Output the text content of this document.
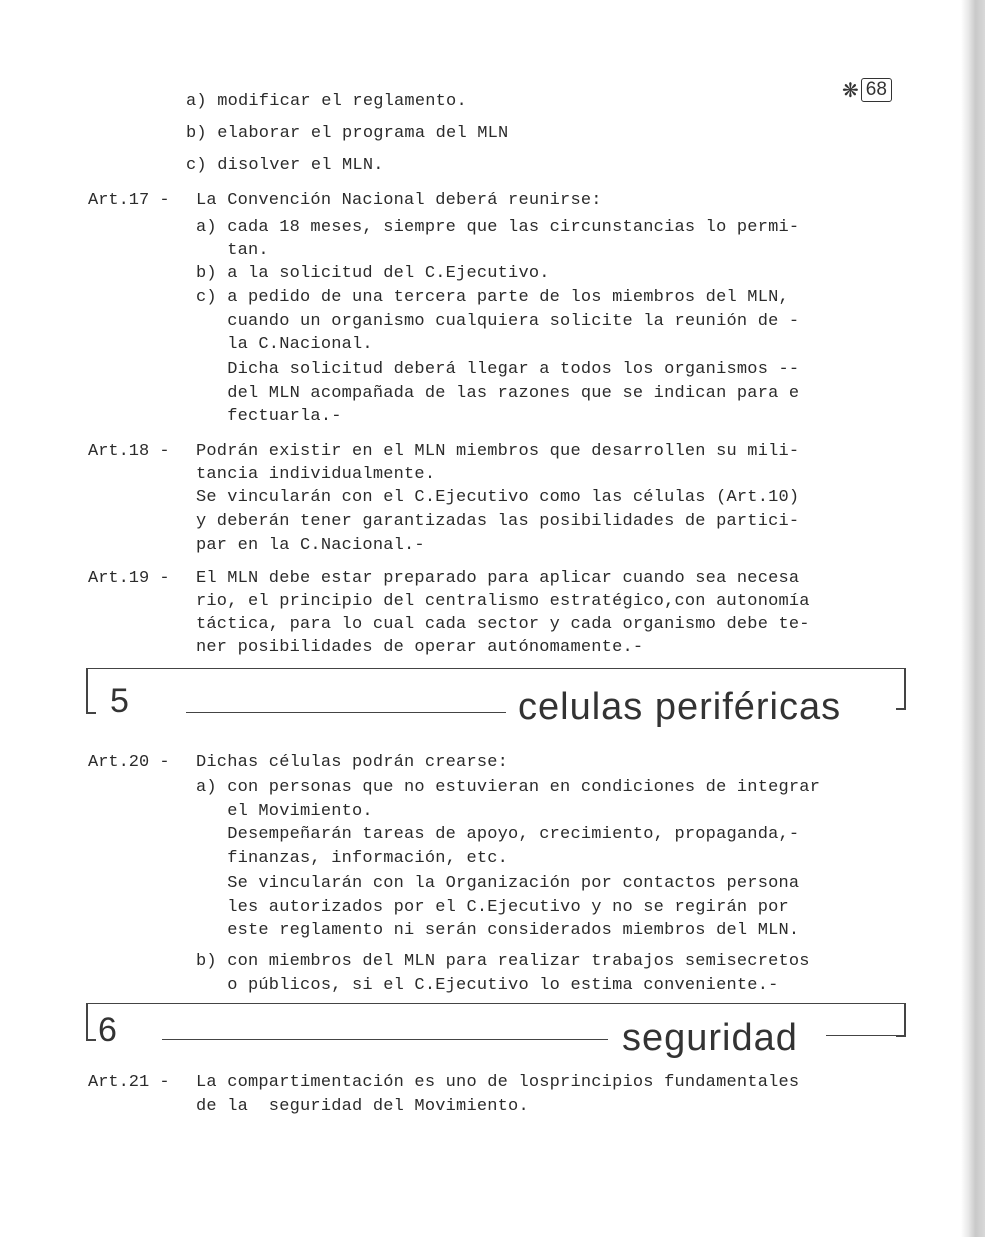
❋ 68
a) modificar el reglamento.
b) elaborar el programa del MLN
c) disolver el MLN.
Art.17 - La Convención Nacional deberá reunirse:
a) cada 18 meses, siempre que las circunstancias lo permi-
tan.
b) a la solicitud del C.Ejecutivo.
c) a pedido de una tercera parte de los miembros del MLN,
cuando un organismo cualquiera solicite la reunión de -
la C.Nacional.
Dicha solicitud deberá llegar a todos los organismos --
del MLN acompañada de las razones que se indican para e
fectuarla.-
Art.18 - Podrán existir en el MLN miembros que desarrollen su mili-
tancia individualmente.
Se vincularán con el C.Ejecutivo como las células (Art.10)
y deberán tener garantizadas las posibilidades de partici-
par en la C.Nacional.-
Art.19 - El MLN debe estar preparado para aplicar cuando sea necesa
rio, el principio del centralismo estratégico,con autonomía
táctica, para lo cual cada sector y cada organismo debe te-
ner posibilidades de operar autónomamente.-
5	celulas periféricas
Art.20 - Dichas células podrán crearse:
a) con personas que no estuvieran en condiciones de integrar
el Movimiento.
Desempeñarán tareas de apoyo, crecimiento, propaganda,-
finanzas, información, etc.
Se vincularán con la Organización por contactos persona
les autorizados por el C.Ejecutivo y no se regirán por
este reglamento ni serán considerados miembros del MLN.
b) con miembros del MLN para realizar trabajos semisecretos
o públicos, si el C.Ejecutivo lo estima conveniente.-
6	seguridad
Art.21 - La compartimentación es uno de losprincipios fundamentales
de la  seguridad del Movimiento.
